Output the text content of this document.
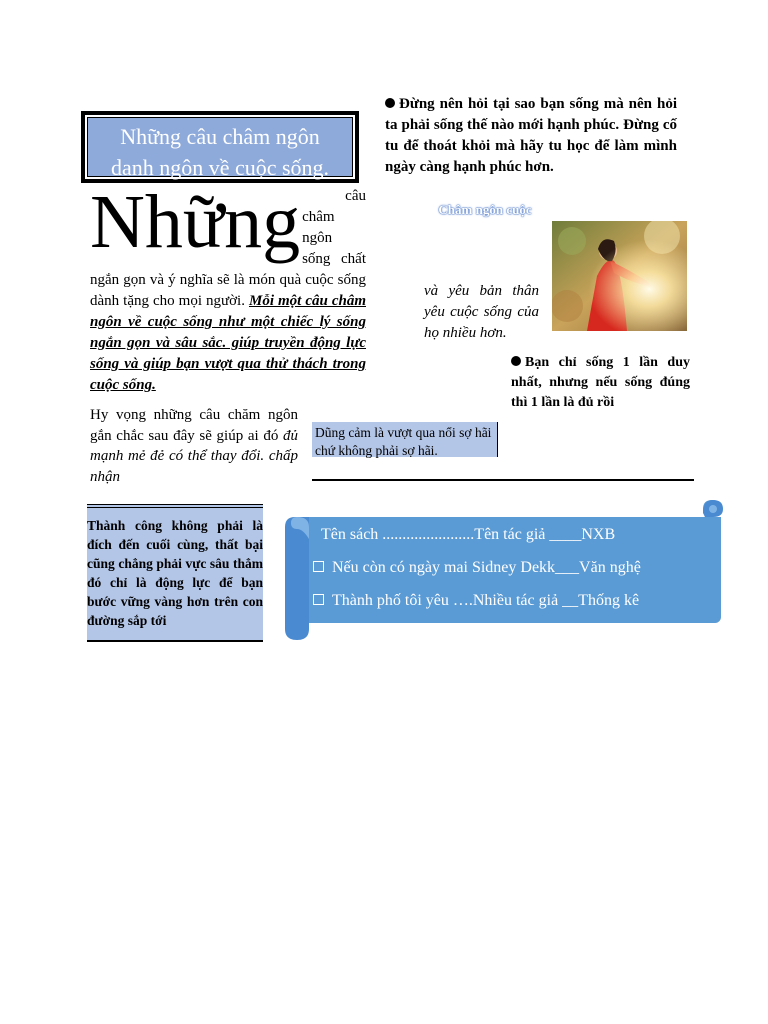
Những câu châm ngôn
danh ngôn về cuộc sống.
Những	câu
châm
ngôn
sống chất ngắn gọn và ý nghĩa sẽ là món quà cuộc sống dành tặng cho mọi người. Mỗi một câu châm ngôn về cuộc sống như một chiếc lý sống ngắn gọn và sâu sắc. giúp truyền động lực sống và giúp bạn vượt qua thử thách trong cuộc sống.
Hy vọng những câu chăm ngôn gắn chắc sau đây sẽ giúp ai đó đủ mạnh mẻ đẻ có thể thay đổi. chấp nhận
Thành công không phải là đích đến cuối cùng, thất bại cũng chẳng phải vực sâu thẳm đó chỉ là động lực để bạn bước vững vàng hơn trên con đường sắp tới
Đừng nên hỏi tại sao bạn sống mà nên hỏi ta phải sống thế nào mới hạnh phúc. Đừng cố tu để thoát khỏi mà hãy tu học để làm mình ngày càng hạnh phúc hơn.
Châm ngôn cuộc
và yêu bản thân yêu cuộc sống của họ nhiều hơn.
Bạn chỉ sống 1 lần duy nhất, nhưng nếu sống đúng thì 1 lần là đủ rồi
Dũng cảm là vượt qua nổi sợ hãi chứ không phải sợ hãi.
Tên sách .......................Tên tác giả ____NXB
Nếu còn có ngày mai Sidney Dekk___Văn nghệ
Thành phố tôi yêu ….Nhiều tác giả __Thống kê
